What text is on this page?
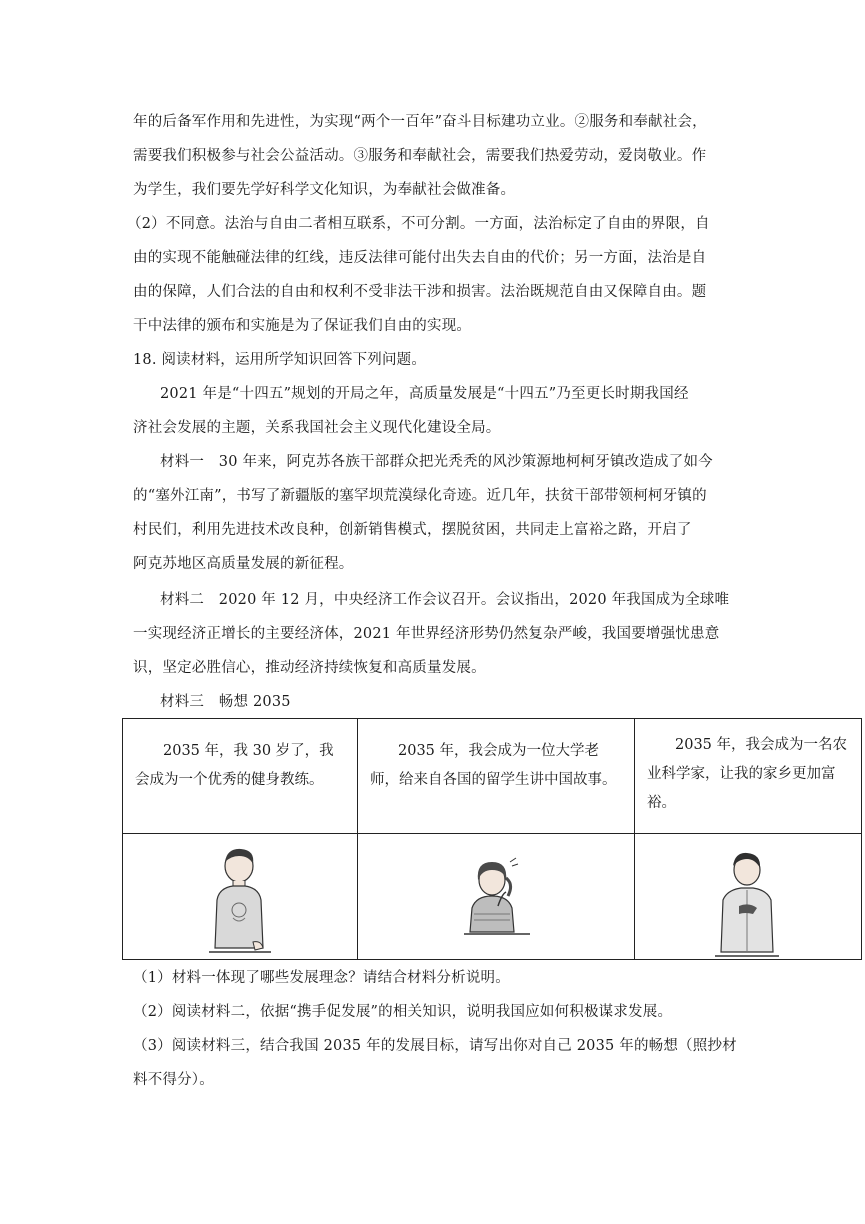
年的后备军作用和先进性，为实现“两个一百年”奋斗目标建功立业。②服务和奉献社会，
需要我们积极参与社会公益活动。③服务和奉献社会，需要我们热爱劳动，爱岗敬业。作
为学生，我们要先学好科学文化知识，为奉献社会做准备。
（2）不同意。法治与自由二者相互联系，不可分割。一方面，法治标定了自由的界限，自
由的实现不能触碰法律的红线，违反法律可能付出失去自由的代价；另一方面，法治是自
由的保障，人们合法的自由和权利不受非法干涉和损害。法治既规范自由又保障自由。题
干中法律的颁布和实施是为了保证我们自由的实现。
18. 阅读材料，运用所学知识回答下列问题。
2021 年是“十四五”规划的开局之年，高质量发展是“十四五”乃至更长时期我国经
济社会发展的主题，关系我国社会主义现代化建设全局。
材料一　30 年来，阿克苏各族干部群众把光秃秃的风沙策源地柯柯牙镇改造成了如今
的“塞外江南”，书写了新疆版的塞罕坝荒漠绿化奇迹。近几年，扶贫干部带领柯柯牙镇的
村民们，利用先进技术改良种，创新销售模式，摆脱贫困，共同走上富裕之路，开启了
阿克苏地区高质量发展的新征程。
材料二　2020 年 12 月，中央经济工作会议召开。会议指出，2020 年我国成为全球唯
一实现经济正增长的主要经济体，2021 年世界经济形势仍然复杂严峻，我国要增强忧患意
识，坚定必胜信心，推动经济持续恢复和高质量发展。
材料三　畅想 2035
2035 年，我 30 岁了，我会成为一个优秀的健身教练。	2035 年，我会成为一位大学老师，给来自各国的留学生讲中国故事。	2035 年，我会成为一名农业科学家，让我的家乡更加富裕。

（1）材料一体现了哪些发展理念？请结合材料分析说明。
（2）阅读材料二，依据“携手促发展”的相关知识，说明我国应如何积极谋求发展。
（3）阅读材料三，结合我国 2035 年的发展目标，请写出你对自己 2035 年的畅想（照抄材
料不得分）。
